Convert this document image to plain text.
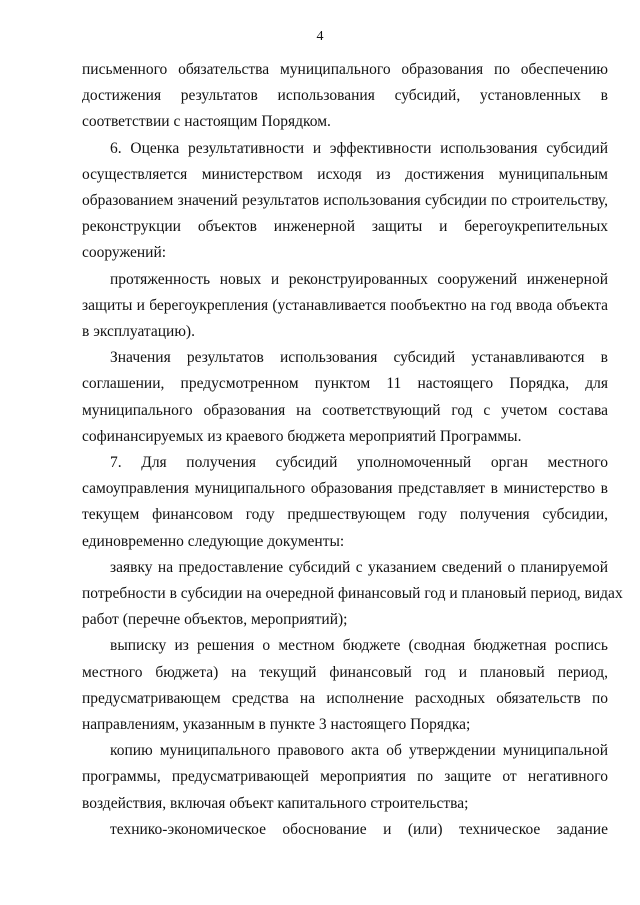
4
письменного обязательства муниципального образования по обеспечению
достижения результатов использования субсидий, установленных в
соответствии с настоящим Порядком.
6. Оценка результативности и эффективности использования субсидий
осуществляется министерством исходя из достижения муниципальным
образованием значений результатов использования субсидии по строительству,
реконструкции объектов инженерной защиты и берегоукрепительных
сооружений:
протяженность новых и реконструированных сооружений инженерной
защиты и берегоукрепления (устанавливается пообъектно на год ввода объекта
в эксплуатацию).
Значения результатов использования субсидий устанавливаются в
соглашении, предусмотренном пунктом 11 настоящего Порядка, для
муниципального образования на соответствующий год с учетом состава
софинансируемых из краевого бюджета мероприятий Программы.
7. Для получения субсидий уполномоченный орган местного
самоуправления муниципального образования представляет в министерство в
текущем финансовом году предшествующем году получения субсидии,
единовременно следующие документы:
заявку на предоставление субсидий с указанием сведений о планируемой
потребности в субсидии на очередной финансовый год и плановый период, видах
работ (перечне объектов, мероприятий);
выписку из решения о местном бюджете (сводная бюджетная роспись
местного бюджета) на текущий финансовый год и плановый период,
предусматривающем средства на исполнение расходных обязательств по
направлениям, указанным в пункте 3 настоящего Порядка;
копию муниципального правового акта об утверждении муниципальной
программы, предусматривающей мероприятия по защите от негативного
воздействия, включая объект капитального строительства;
технико-экономическое обоснование и (или) техническое задание
